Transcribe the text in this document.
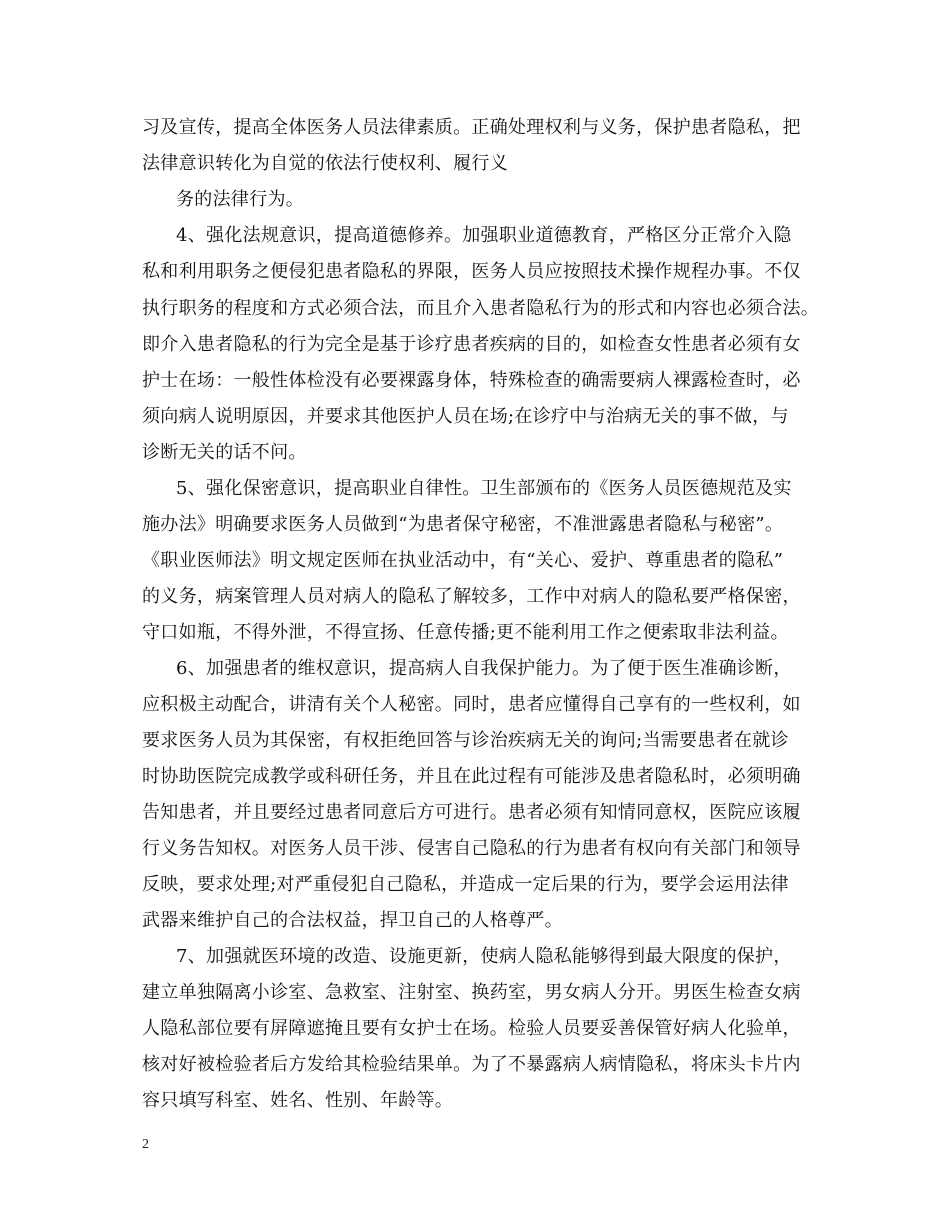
习及宣传，提高全体医务人员法律素质。正确处理权利与义务，保护患者隐私，把
法律意识转化为自觉的依法行使权利、履行义
务的法律行为。
4、强化法规意识，提高道德修养。加强职业道德教育，严格区分正常介入隐
私和利用职务之便侵犯患者隐私的界限，医务人员应按照技术操作规程办事。不仅
执行职务的程度和方式必须合法，而且介入患者隐私行为的形式和内容也必须合法。
即介入患者隐私的行为完全是基于诊疗患者疾病的目的，如检查女性患者必须有女
护士在场：一般性体检没有必要裸露身体，特殊检查的确需要病人裸露检查时，必
须向病人说明原因，并要求其他医护人员在场;在诊疗中与治病无关的事不做，与
诊断无关的话不问。
5、强化保密意识，提高职业自律性。卫生部颁布的《医务人员医德规范及实
施办法》明确要求医务人员做到“为患者保守秘密，不准泄露患者隐私与秘密”。
《职业医师法》明文规定医师在执业活动中，有“关心、爱护、尊重患者的隐私”
的义务，病案管理人员对病人的隐私了解较多，工作中对病人的隐私要严格保密，
守口如瓶，不得外泄，不得宣扬、任意传播;更不能利用工作之便索取非法利益。
6、加强患者的维权意识，提高病人自我保护能力。为了便于医生准确诊断，
应积极主动配合，讲清有关个人秘密。同时，患者应懂得自己享有的一些权利，如
要求医务人员为其保密，有权拒绝回答与诊治疾病无关的询问;当需要患者在就诊
时协助医院完成教学或科研任务，并且在此过程有可能涉及患者隐私时，必须明确
告知患者，并且要经过患者同意后方可进行。患者必须有知情同意权，医院应该履
行义务告知权。对医务人员干涉、侵害自己隐私的行为患者有权向有关部门和领导
反映，要求处理;对严重侵犯自己隐私，并造成一定后果的行为，要学会运用法律
武器来维护自己的合法权益，捍卫自己的人格尊严。
7、加强就医环境的改造、设施更新，使病人隐私能够得到最大限度的保护，
建立单独隔离小诊室、急救室、注射室、换药室，男女病人分开。男医生检查女病
人隐私部位要有屏障遮掩且要有女护士在场。检验人员要妥善保管好病人化验单，
核对好被检验者后方发给其检验结果单。为了不暴露病人病情隐私，将床头卡片内
容只填写科室、姓名、性别、年龄等。
2
